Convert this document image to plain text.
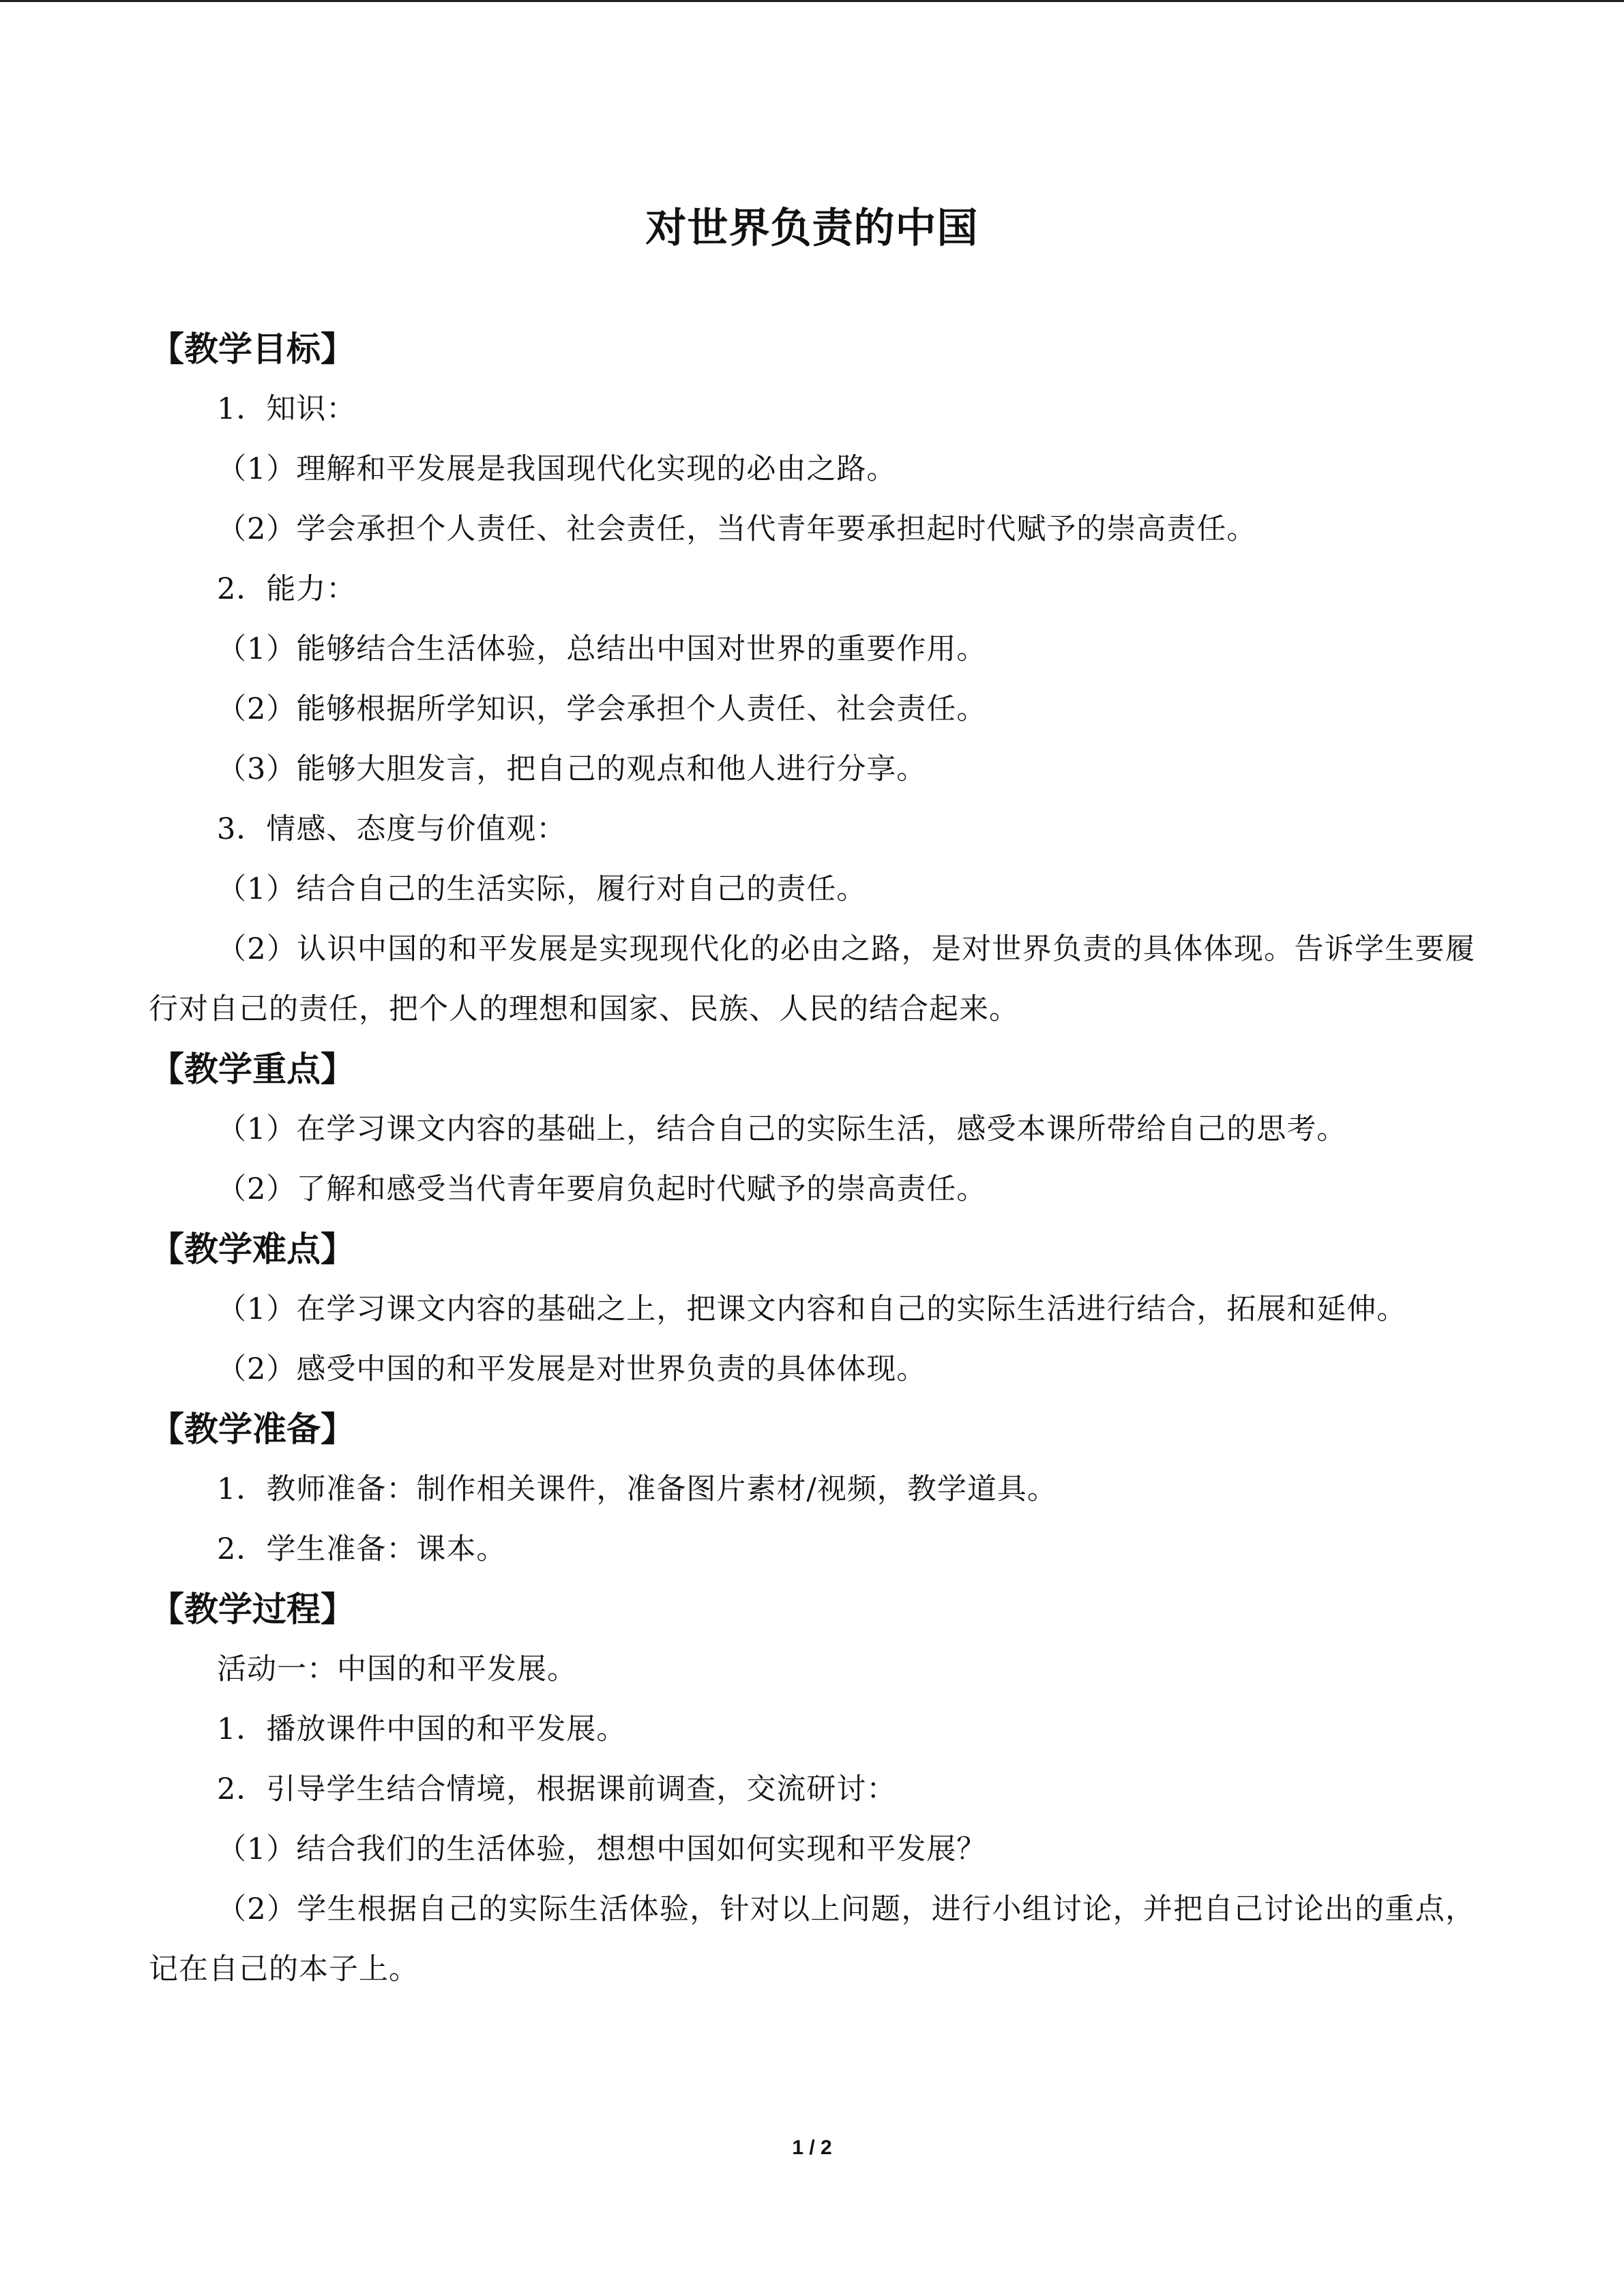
对世界负责的中国
【教学目标】

1．知识：

（1）理解和平发展是我国现代化实现的必由之路。

（2）学会承担个人责任、社会责任，当代青年要承担起时代赋予的崇高责任。

2．能力：

（1）能够结合生活体验，总结出中国对世界的重要作用。

（2）能够根据所学知识，学会承担个人责任、社会责任。

（3）能够大胆发言，把自己的观点和他人进行分享。

3．情感、态度与价值观：

（1）结合自己的生活实际，履行对自己的责任。

（2）认识中国的和平发展是实现现代化的必由之路，是对世界负责的具体体现。告诉学生要履行对自己的责任，把个人的理想和国家、民族、人民的结合起来。

【教学重点】

（1）在学习课文内容的基础上，结合自己的实际生活，感受本课所带给自己的思考。

（2）了解和感受当代青年要肩负起时代赋予的崇高责任。

【教学难点】

（1）在学习课文内容的基础之上，把课文内容和自己的实际生活进行结合，拓展和延伸。

（2）感受中国的和平发展是对世界负责的具体体现。

【教学准备】

1．教师准备：制作相关课件，准备图片素材/视频，教学道具。

2．学生准备：课本。

【教学过程】

活动一：中国的和平发展。

1．播放课件中国的和平发展。

2．引导学生结合情境，根据课前调查，交流研讨：

（1）结合我们的生活体验，想想中国如何实现和平发展？

（2）学生根据自己的实际生活体验，针对以上问题，进行小组讨论，并把自己讨论出的重点，记在自己的本子上。

1 / 2
